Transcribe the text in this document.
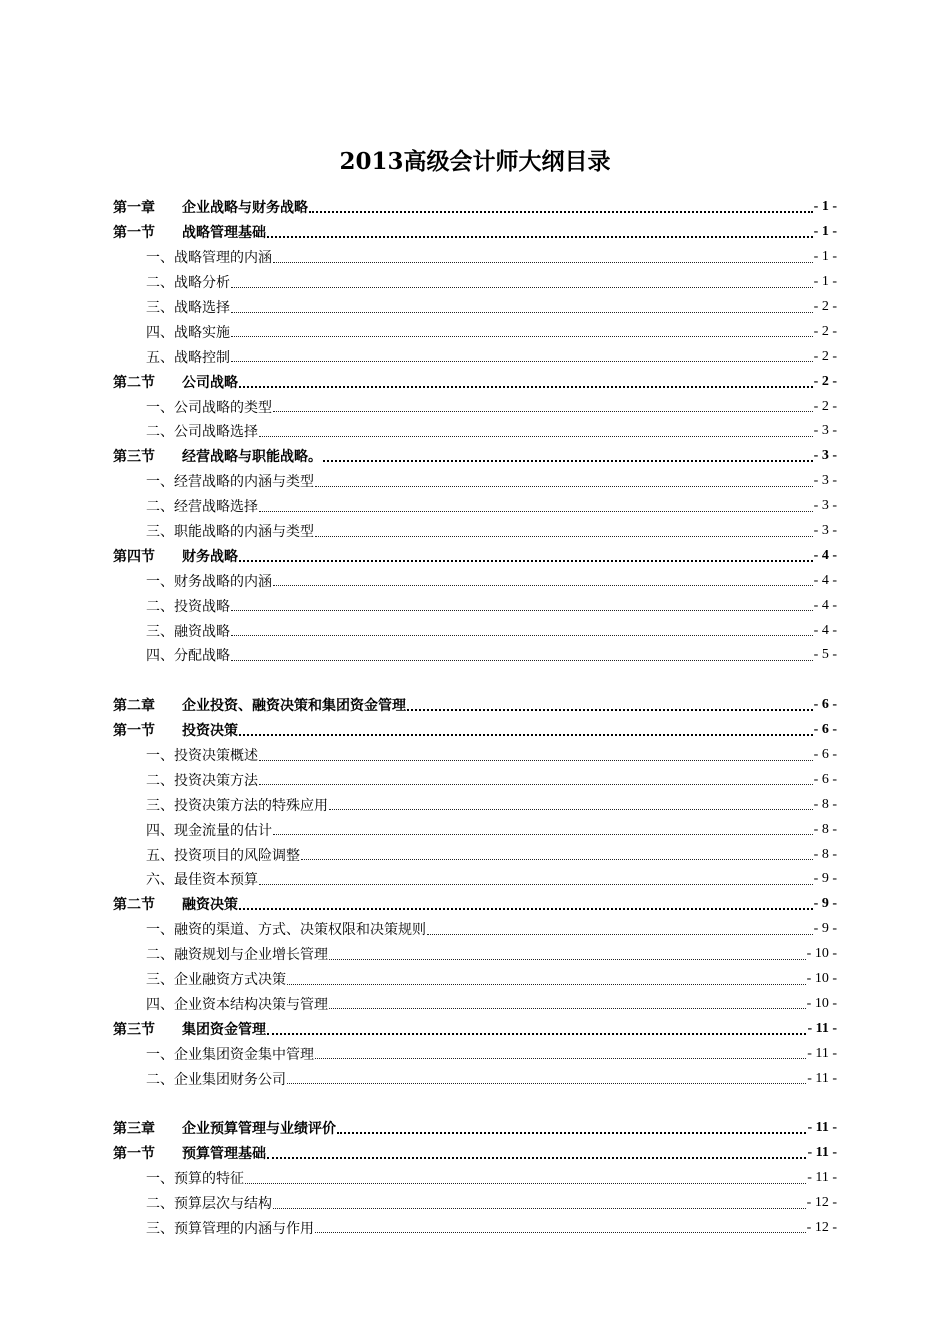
2013高级会计师大纲目录
第一章	企业战略与财务战略	- 1 -
第一节	战略管理基础	- 1 -
一、 战略管理的内涵	- 1 -
二、 战略分析	- 1 -
三、 战略选择	- 2 -
四、 战略实施	- 2 -
五、 战略控制	- 2 -
第二节	公司战略	- 2 -
一、 公司战略的类型	- 2 -
二、 公司战略选择	- 3 -
第三节	经营战略与职能战略。	- 3 -
一、 经营战略的内涵与类型	- 3 -
二、 经营战略选择	- 3 -
三、 职能战略的内涵与类型	- 3 -
第四节	财务战略	- 4 -
一、 财务战略的内涵	- 4 -
二、 投资战略	- 4 -
三、 融资战略	- 4 -
四、 分配战略	- 5 -
第二章	企业投资、融资决策和集团资金管理	- 6 -
第一节	投资决策	- 6 -
一、 投资决策概述	- 6 -
二、 投资决策方法	- 6 -
三、 投资决策方法的特殊应用	- 8 -
四、 现金流量的估计	- 8 -
五、 投资项目的风险调整	- 8 -
六、 最佳资本预算	- 9 -
第二节	融资决策	- 9 -
一、 融资的渠道、方式、决策权限和决策规则	- 9 -
二、 融资规划与企业增长管理	- 10 -
三、 企业融资方式决策	- 10 -
四、 企业资本结构决策与管理	- 10 -
第三节	集团资金管理	- 11 -
一、 企业集团资金集中管理	- 11 -
二、 企业集团财务公司	- 11 -
第三章	企业预算管理与业绩评价	- 11 -
第一节	预算管理基础	- 11 -
一、 预算的特征	- 11 -
二、 预算层次与结构	- 12 -
三、 预算管理的内涵与作用	- 12 -
